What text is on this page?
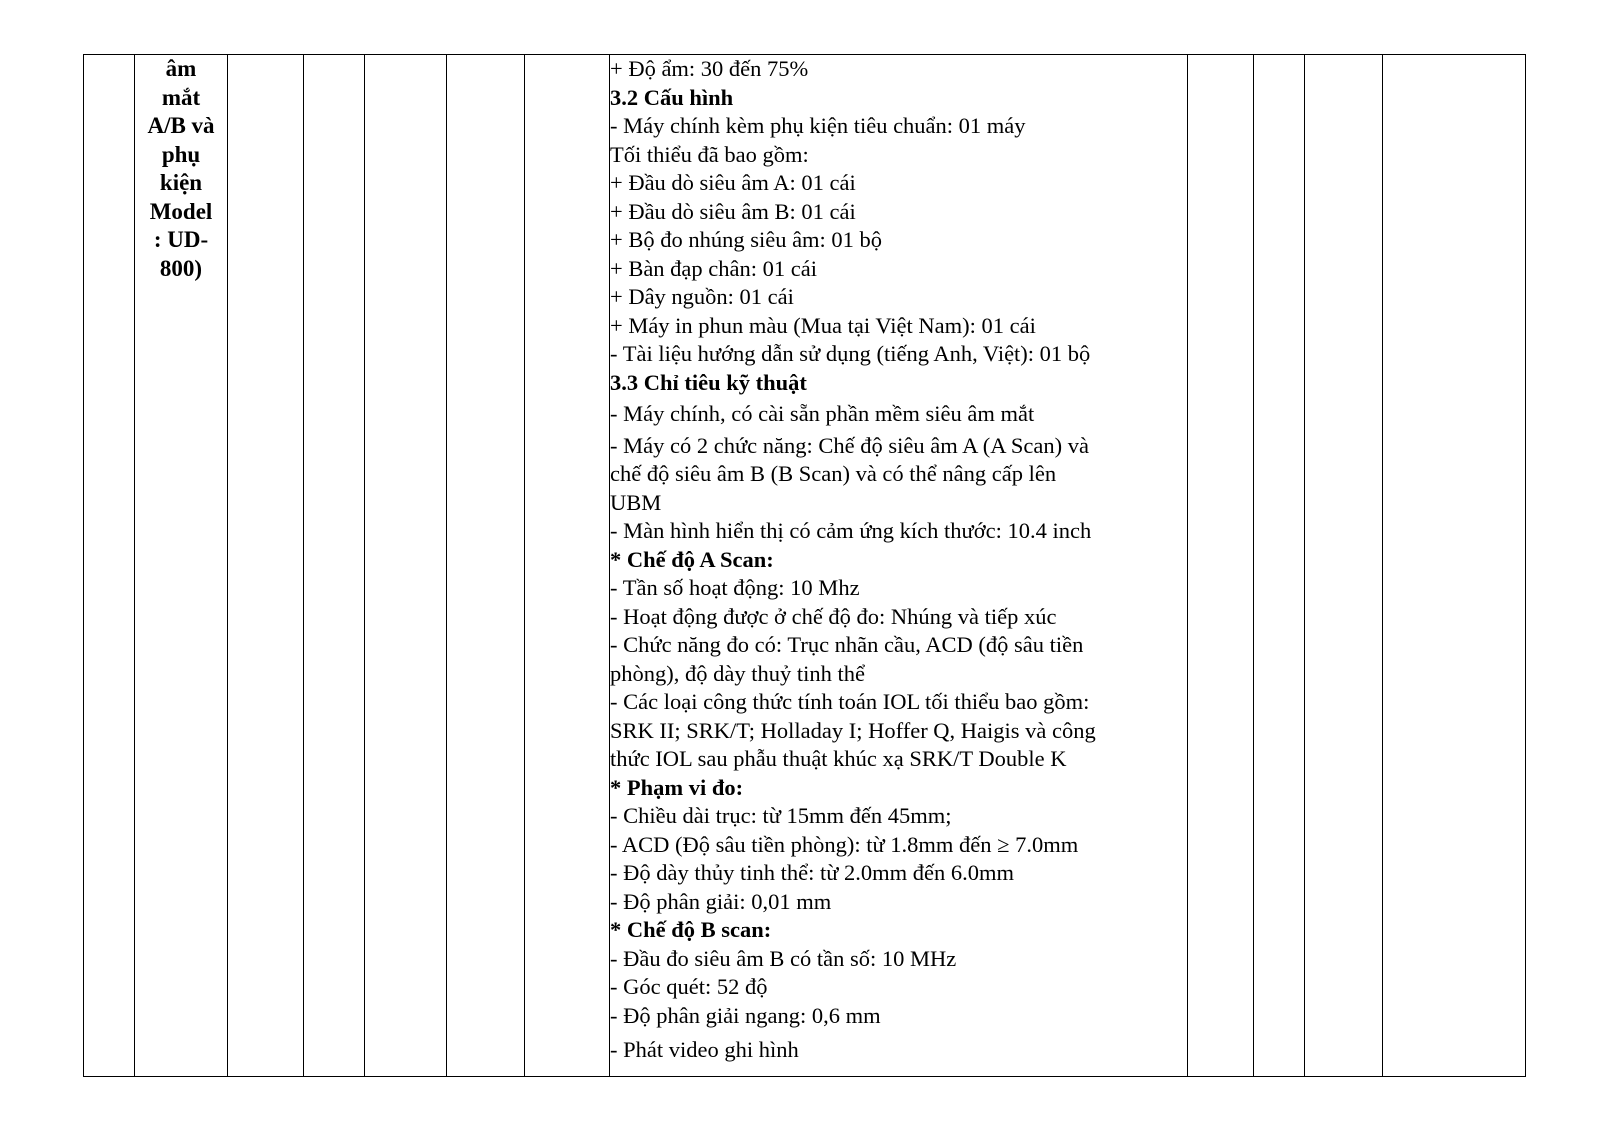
âm
mắt
A/B và
phụ
kiện
Model
: UD-
800)

+ Độ ẩm: 30 đến 75%
3.2 Cấu hình
- Máy chính kèm phụ kiện tiêu chuẩn: 01 máy
Tối thiểu đã bao gồm:
+ Đầu dò siêu âm A: 01 cái
+ Đầu dò siêu âm B: 01 cái
+ Bộ đo nhúng siêu âm: 01 bộ
+ Bàn đạp chân: 01 cái
+ Dây nguồn: 01 cái
+ Máy in phun màu (Mua tại Việt Nam): 01 cái
- Tài liệu hướng dẫn sử dụng (tiếng Anh, Việt): 01 bộ
3.3 Chỉ tiêu kỹ thuật
- Máy chính, có cài sẵn phần mềm siêu âm mắt
- Máy có 2 chức năng: Chế độ siêu âm A (A Scan) và
chế độ siêu âm B (B Scan) và có thể nâng cấp lên
UBM
- Màn hình hiển thị có cảm ứng kích thước: 10.4 inch
* Chế độ A Scan:
- Tần số hoạt động: 10 Mhz
- Hoạt động được ở chế độ đo: Nhúng và tiếp xúc
- Chức năng đo có: Trục nhãn cầu, ACD (độ sâu tiền
phòng), độ dày thuỷ tinh thể
- Các loại công thức tính toán IOL tối thiểu bao gồm:
SRK II; SRK/T; Holladay I; Hoffer Q, Haigis và công
thức IOL sau phẫu thuật khúc xạ SRK/T Double K
* Phạm vi đo:
- Chiều dài trục: từ 15mm đến 45mm;
- ACD (Độ sâu tiền phòng): từ 1.8mm đến ≥ 7.0mm
- Độ dày thủy tinh thể: từ 2.0mm đến 6.0mm
- Độ phân giải: 0,01 mm
* Chế độ B scan:
- Đầu đo siêu âm B có tần số: 10 MHz
- Góc quét: 52 độ
- Độ phân giải ngang: 0,6 mm
- Phát video ghi hình
